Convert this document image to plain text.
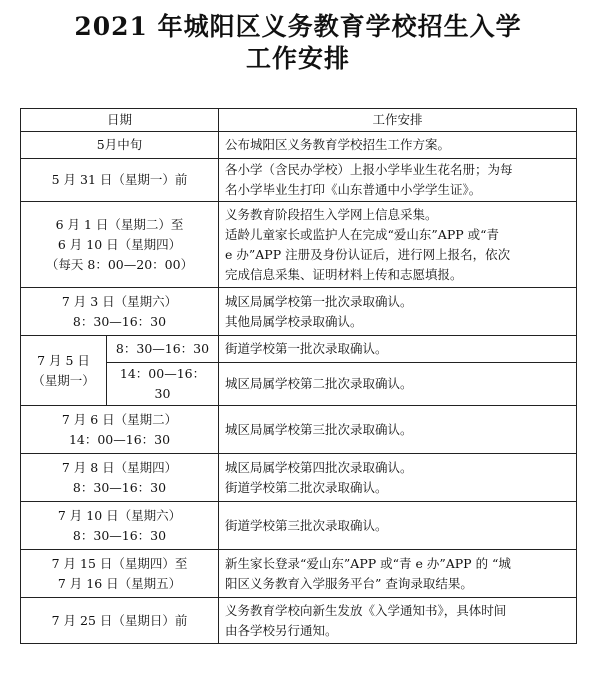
2021 年城阳区义务教育学校招生入学
工作安排
日期		工作安排

5月中旬		公布城阳区义务教育学校招生工作方案。

5 月 31 日（星期一）前		各小学（含民办学校）上报小学毕业生花名册；为每
名小学毕业生打印《山东普通中小学学生证》。

6 月 1 日（星期二）至
6 月 10 日（星期四）
（每天 8：00—20：00）		义务教育阶段招生入学网上信息采集。
适龄儿童家长或监护人在完成“爱山东”APP 或“青
e 办”APP 注册及身份认证后，进行网上报名，依次
完成信息采集、证明材料上传和志愿填报。

7 月 3 日（星期六）
8：30—16：30		城区局属学校第一批次录取确认。
其他局属学校录取确认。

7 月 5 日
（星期一）	8：30—16：30	街道学校第一批次录取确认。
	14：00—16：30	城区局属学校第二批次录取确认。

7 月 6 日（星期二）
14：00—16：30		城区局属学校第三批次录取确认。

7 月 8 日（星期四）
8：30—16：30		城区局属学校第四批次录取确认。
街道学校第二批次录取确认。

7 月 10 日（星期六）
8：30—16：30		街道学校第三批次录取确认。

7 月 15 日（星期四）至
7 月 16 日（星期五）		新生家长登录“爱山东”APP 或“青 e 办”APP 的 “城
阳区义务教育入学服务平台” 查询录取结果。

7 月 25 日（星期日）前		义务教育学校向新生发放《入学通知书》，具体时间
由各学校另行通知。
